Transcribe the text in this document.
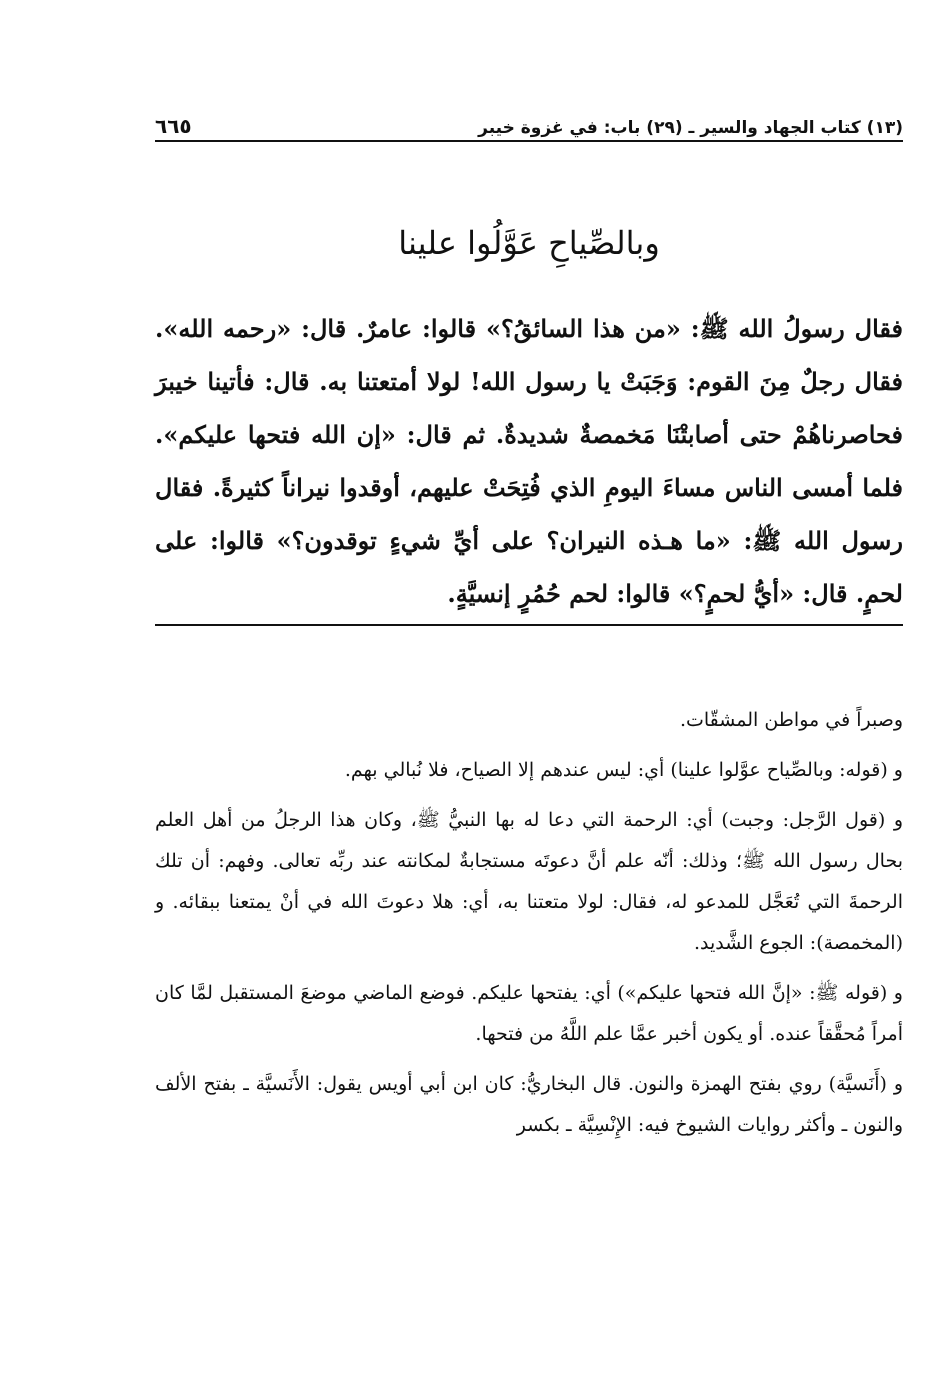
(١٣) كتاب الجهاد والسير ـ (٢٩) باب: في غزوة خيبر
٦٦٥
وبالصِّياحِ عَوَّلُوا علينا
فقال رسولُ الله ﷺ: «من هذا السائقُ؟» قالوا: عامرٌ. قال: «رحمه الله». فقال رجلٌ مِنَ القوم: وَجَبَتْ يا رسول الله! لولا أمتعتنا به. قال: فأتينا خيبرَ فحاصرناهُمْ حتى أصابتْنَا مَخمصةٌ شديدةٌ. ثم قال: «إن الله فتحها عليكم». فلما أمسى الناس مساءَ اليومِ الذي فُتِحَتْ عليهم، أوقدوا نيراناً كثيرةً. فقال رسول الله ﷺ: «ما هـذه النيران؟ على أيِّ شيءٍ توقدون؟» قالوا: على لحمٍ. قال: «أيُّ لحمٍ؟» قالوا: لحم حُمُرٍ إنسيَّةٍ.

وصبراً في مواطن المشقّات.

و (قوله: وبالصِّياح عوَّلوا علينا) أي: ليس عندهم إلا الصياح، فلا نُبالي بهم.

و (قول الرَّجل: وجبت) أي: الرحمة التي دعا له بها النبيُّ ﷺ، وكان هذا الرجلُ من أهل العلم بحال رسول الله ﷺ؛ وذلك: أنّه علم أنَّ دعوتَه مستجابةٌ لمكانته عند ربِّه تعالى. وفهم: أن تلك الرحمةَ التي تُعَجَّل للمدعو له، فقال: لولا متعتنا به، أي: هلا دعوتَ الله في أنْ يمتعنا ببقائه. و (المخمصة): الجوع الشَّديد.

و (قوله ﷺ: «إنَّ الله فتحها عليكم») أي: يفتحها عليكم. فوضع الماضي موضعَ المستقبل لمَّا كان أمراً مُحقَّقاً عنده. أو يكون أخبر عمَّا علم اللَّهُ من فتحها.

و (أَنَسيَّة) روي بفتح الهمزة والنون. قال البخاريُّ: كان ابن أبي أويس يقول: الأَنَسيَّة ـ بفتح الألف والنون ـ وأكثر روايات الشيوخ فيه: الإِنْسِيَّة ـ بكسر
